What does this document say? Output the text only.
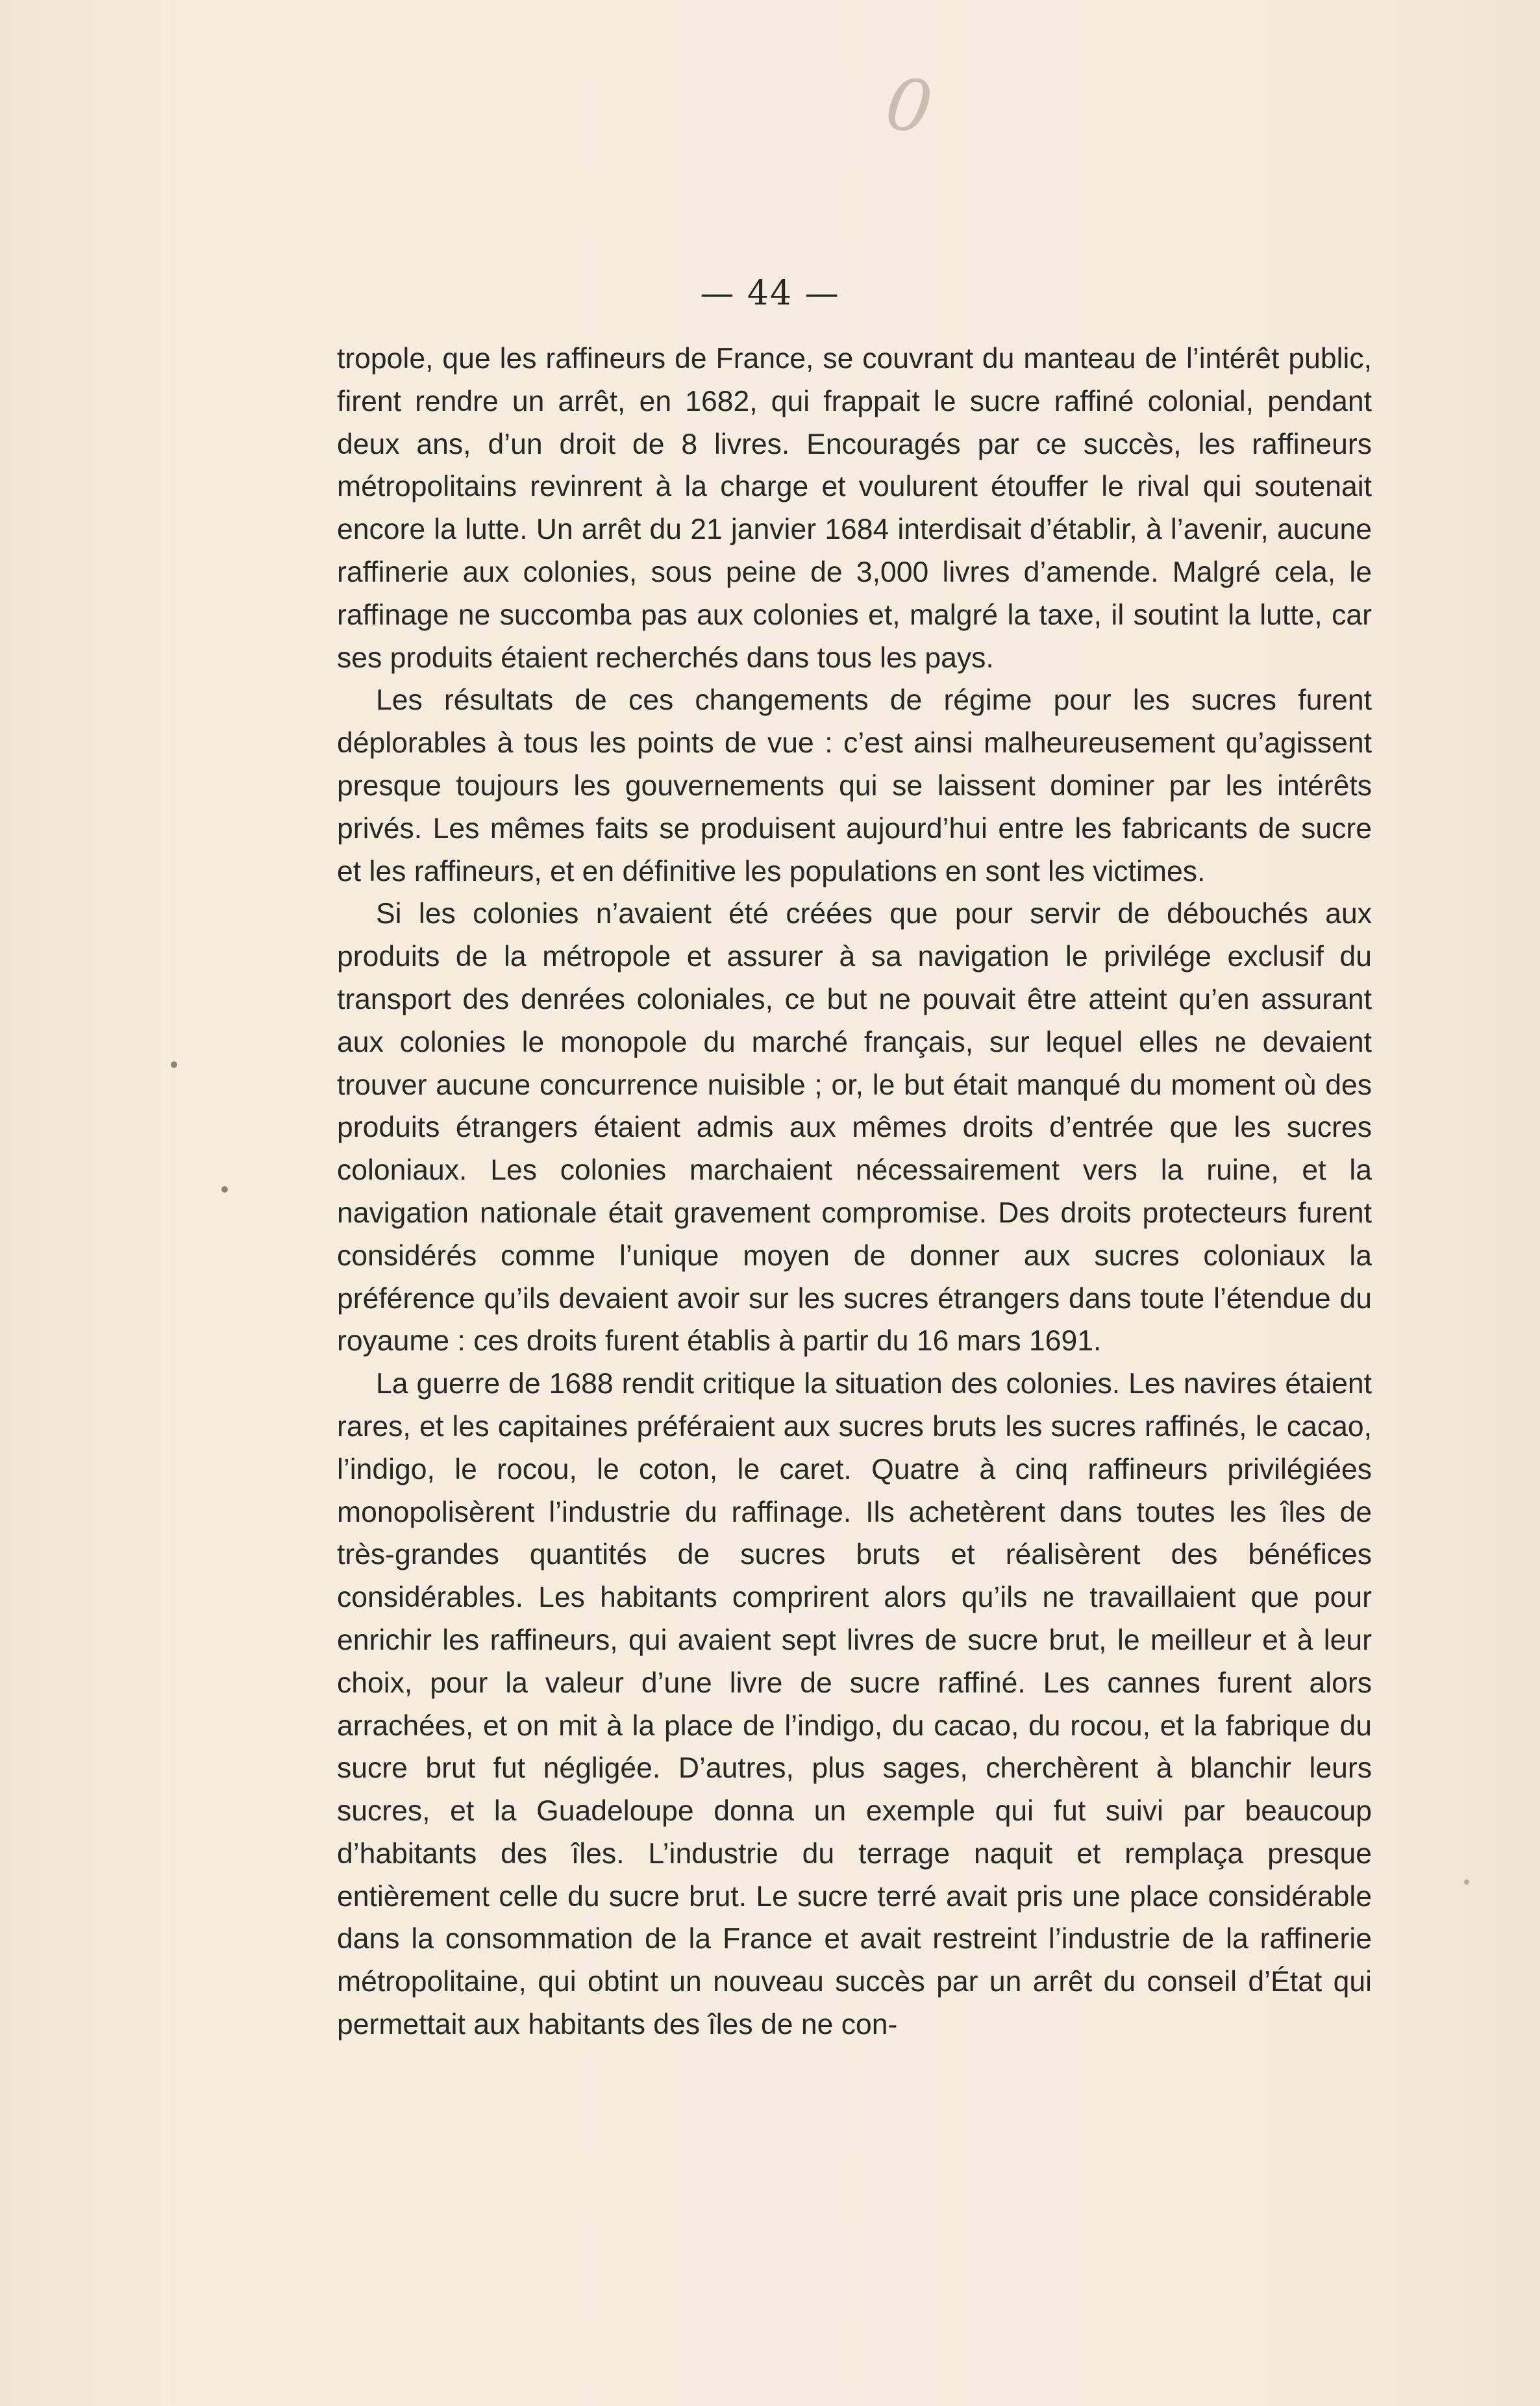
0
— 44 —

tropole, que les raffineurs de France, se couvrant du manteau de l’intérêt public, firent rendre un arrêt, en 1682, qui frappait le sucre raffiné colonial, pendant deux ans, d’un droit de 8 livres. Encouragés par ce succès, les raffineurs métropolitains revinrent à la charge et voulurent étouffer le rival qui soutenait encore la lutte. Un arrêt du 21 janvier 1684 interdisait d’établir, à l’avenir, aucune raffinerie aux colonies, sous peine de 3,000 livres d’amende. Malgré cela, le raffinage ne succomba pas aux colonies et, malgré la taxe, il soutint la lutte, car ses produits étaient recherchés dans tous les pays.

Les résultats de ces changements de régime pour les sucres furent déplorables à tous les points de vue : c’est ainsi malheureusement qu’agissent presque toujours les gouvernements qui se laissent dominer par les intérêts privés. Les mêmes faits se produisent aujourd’hui entre les fabricants de sucre et les raffineurs, et en définitive les populations en sont les victimes.

Si les colonies n’avaient été créées que pour servir de débouchés aux produits de la métropole et assurer à sa navigation le privilége exclusif du transport des denrées coloniales, ce but ne pouvait être atteint qu’en assurant aux colonies le monopole du marché français, sur lequel elles ne devaient trouver aucune concurrence nuisible ; or, le but était manqué du moment où des produits étrangers étaient admis aux mêmes droits d’entrée que les sucres coloniaux. Les colonies marchaient nécessairement vers la ruine, et la navigation nationale était gravement compromise. Des droits protecteurs furent considérés comme l’unique moyen de donner aux sucres coloniaux la préférence qu’ils devaient avoir sur les sucres étrangers dans toute l’étendue du royaume : ces droits furent établis à partir du 16 mars 1691.

La guerre de 1688 rendit critique la situation des colonies. Les navires étaient rares, et les capitaines préféraient aux sucres bruts les sucres raffinés, le cacao, l’indigo, le rocou, le coton, le caret. Quatre à cinq raffineurs privilégiées monopolisèrent l’industrie du raffinage. Ils achetèrent dans toutes les îles de très-grandes quantités de sucres bruts et réalisèrent des bénéfices considérables. Les habitants comprirent alors qu’ils ne travaillaient que pour enrichir les raffineurs, qui avaient sept livres de sucre brut, le meilleur et à leur choix, pour la valeur d’une livre de sucre raffiné. Les cannes furent alors arrachées, et on mit à la place de l’indigo, du cacao, du rocou, et la fabrique du sucre brut fut négligée. D’autres, plus sages, cherchèrent à blanchir leurs sucres, et la Guadeloupe donna un exemple qui fut suivi par beaucoup d’habitants des îles. L’industrie du terrage naquit et remplaça presque entièrement celle du sucre brut. Le sucre terré avait pris une place considérable dans la consommation de la France et avait restreint l’industrie de la raffinerie métropolitaine, qui obtint un nouveau succès par un arrêt du conseil d’État qui permettait aux habitants des îles de ne con-
